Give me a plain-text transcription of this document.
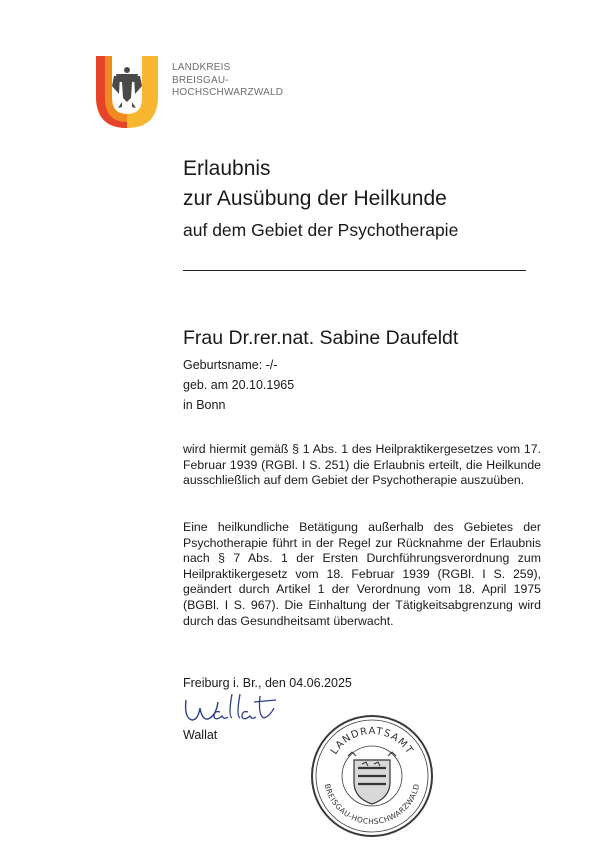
LANDKREIS
BREISGAU-
HOCHSCHWARZWALD
Erlaubnis
zur Ausübung der Heilkunde
auf dem Gebiet der Psychotherapie
Frau Dr.rer.nat. Sabine Daufeldt
Geburtsname: -/-
geb. am 20.10.1965
in Bonn
wird hiermit gemäß § 1 Abs. 1 des Heilpraktikergesetzes vom 17. Februar 1939 (RGBl. I S. 251) die Erlaubnis erteilt, die Heilkunde ausschließlich auf dem Gebiet der Psychotherapie auszuüben.
Eine heilkundliche Betätigung außerhalb des Gebietes der Psychotherapie führt in der Regel zur Rücknahme der Erlaubnis nach § 7 Abs. 1 der Ersten Durchführungsverordnung zum Heilpraktikergesetz vom 18. Februar 1939 (RGBl. I S. 259), geändert durch Artikel 1 der Verordnung vom 18. April 1975 (BGBl. I S. 967). Die Einhaltung der Tätigkeitsabgrenzung wird durch das Gesundheitsamt überwacht.
Freiburg i. Br., den 04.06.2025
Wallat
LANDRATSAMT
BREISGAU-HOCHSCHWARZWALD
